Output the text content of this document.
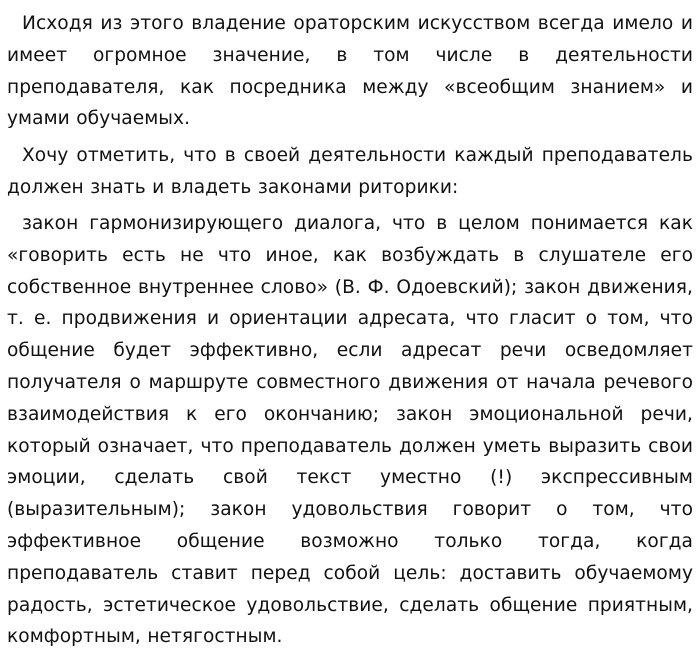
Исходя из этого владение ораторским искусством всегда имело и имеет огромное значение, в том числе в деятельности преподавателя, как посредника между «всеобщим знанием» и умами обучаемых.

Хочу отметить, что в своей деятельности каждый преподаватель должен знать и владеть законами риторики:

закон гармонизирующего диалога, что в целом понимается как «говорить есть не что иное, как возбуждать в слушателе его собственное внутреннее слово» (В. Ф. Одоевский); закон движения, т. е. продвижения и ориентации адресата, что гласит о том, что общение будет эффективно, если адресат речи осведомляет получателя о маршруте совместного движения от начала речевого взаимодействия к его окончанию; закон эмоциональной речи, который означает, что преподаватель должен уметь выразить свои эмоции, сделать свой текст уместно (!) экспрессивным (выразительным); закон удовольствия говорит о том, что эффективное общение возможно только тогда, когда преподаватель ставит перед собой цель: доставить обучаемому радость, эстетическое удовольствие, сделать общение приятным, комфортным, нетягостным.
